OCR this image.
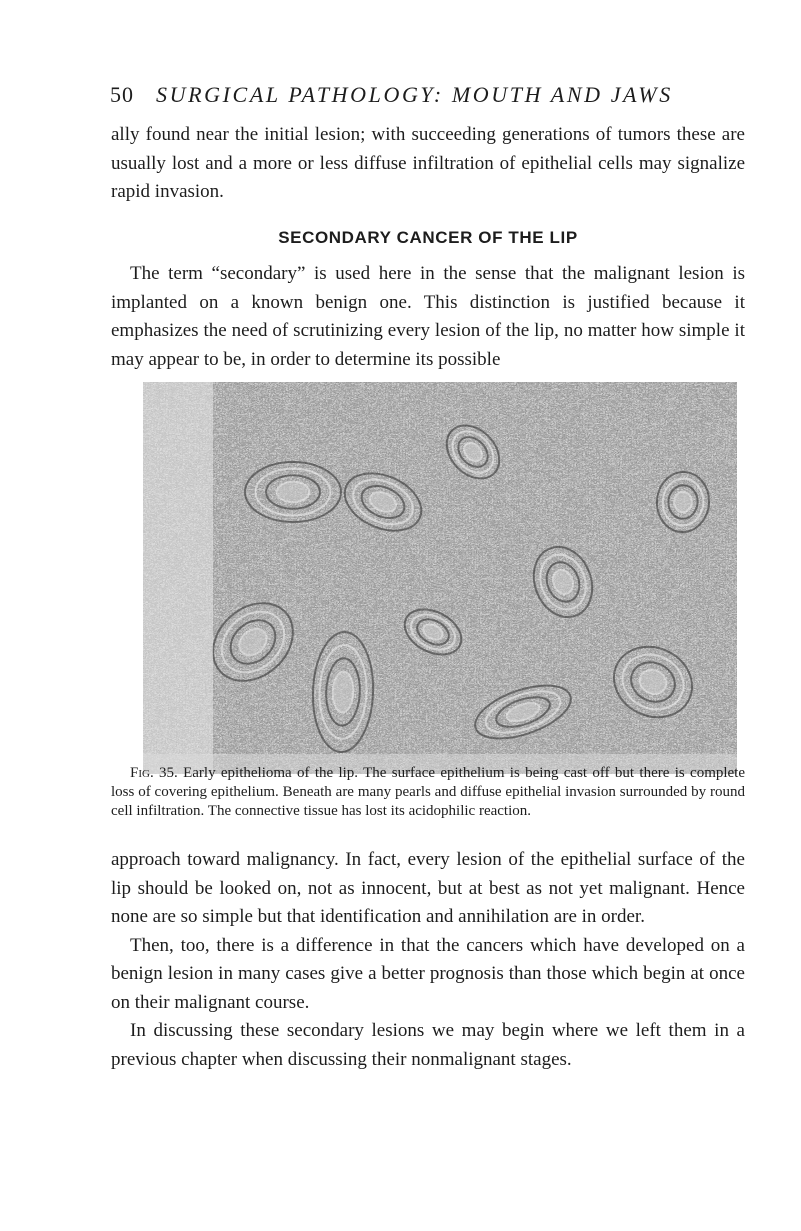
50 SURGICAL PATHOLOGY: MOUTH AND JAWS

ally found near the initial lesion; with succeeding generations of tumors these are usually lost and a more or less diffuse infiltration of epithelial cells may signalize rapid invasion.

SECONDARY CANCER OF THE LIP

The term “secondary” is used here in the sense that the malignant lesion is implanted on a known benign one. This distinction is justified because it emphasizes the need of scrutinizing every lesion of the lip, no matter how simple it may appear to be, in order to determine its possible

Fig. 35. Early epithelioma of the lip. The surface epithelium is being cast off but there is complete loss of covering epithelium. Beneath are many pearls and diffuse epithelial invasion surrounded by round cell infiltration. The connective tissue has lost its acidophilic reaction.

approach toward malignancy. In fact, every lesion of the epithelial surface of the lip should be looked on, not as innocent, but at best as not yet malignant. Hence none are so simple but that identification and annihilation are in order.

Then, too, there is a difference in that the cancers which have developed on a benign lesion in many cases give a better prognosis than those which begin at once on their malignant course.

In discussing these secondary lesions we may begin where we left them in a previous chapter when discussing their nonmalignant stages.
